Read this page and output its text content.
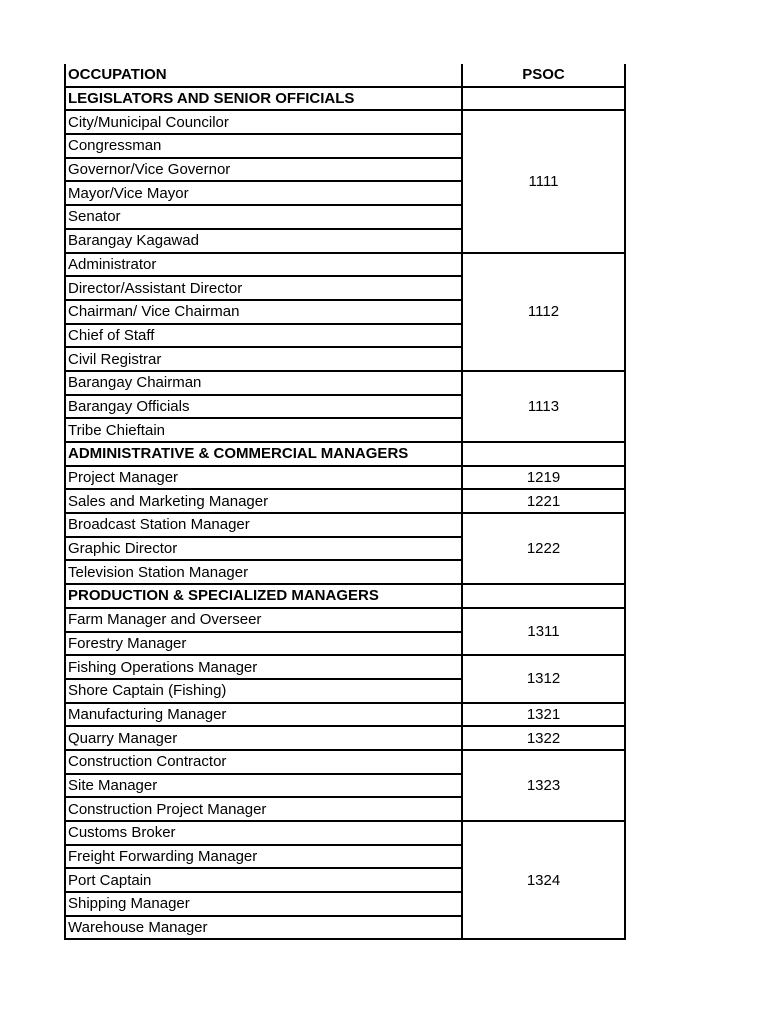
OCCUPATION	PSOC
LEGISLATORS AND SENIOR OFFICIALS	
City/Municipal Councilor	1111
Congressman	
Governor/Vice Governor	
Mayor/Vice Mayor	
Senator	
Barangay Kagawad	
Administrator	1112
Director/Assistant Director	
Chairman/ Vice Chairman	
Chief of Staff	
Civil Registrar	
Barangay Chairman	1113
Barangay Officials	
Tribe Chieftain	
ADMINISTRATIVE & COMMERCIAL MANAGERS	
Project Manager	1219
Sales and Marketing Manager	1221
Broadcast Station Manager	1222
Graphic Director	
Television Station Manager	
PRODUCTION & SPECIALIZED MANAGERS	
Farm Manager and Overseer	1311
Forestry Manager	
Fishing Operations Manager	1312
Shore Captain (Fishing)	
Manufacturing Manager	1321
Quarry Manager	1322
Construction Contractor	1323
Site Manager	
Construction Project Manager	
Customs Broker	1324
Freight Forwarding Manager	
Port Captain	
Shipping Manager	
Warehouse Manager	
